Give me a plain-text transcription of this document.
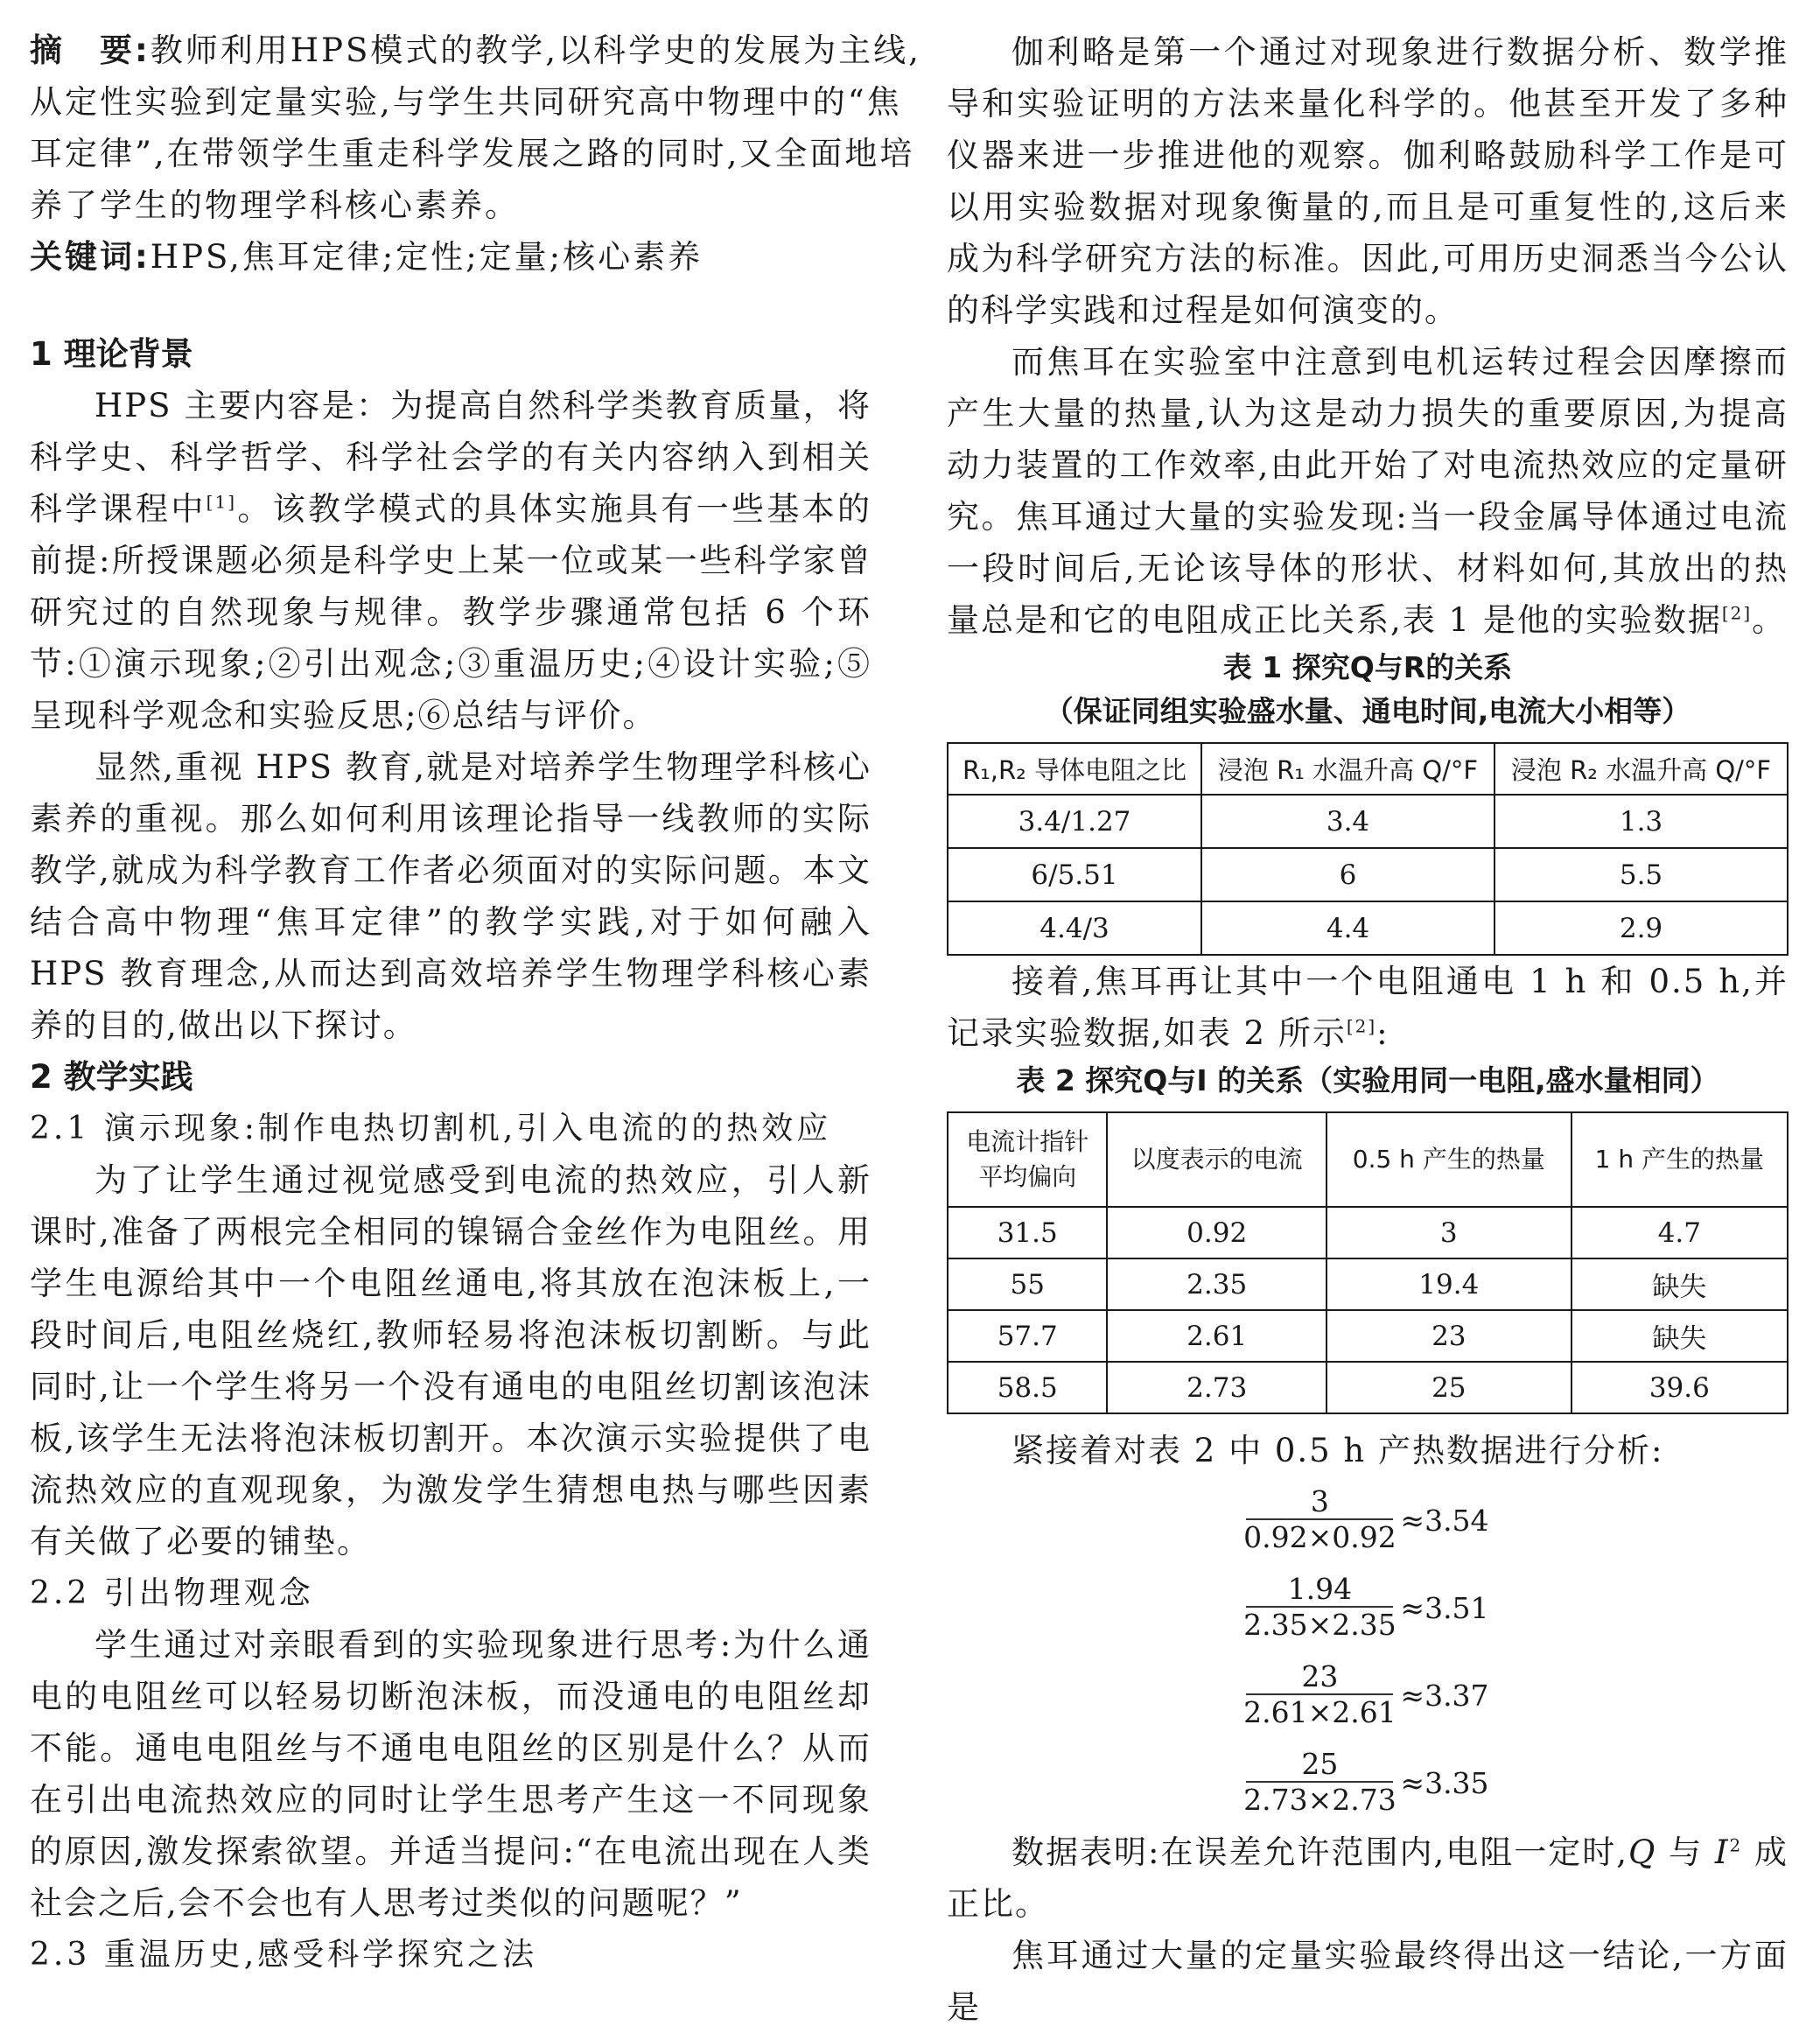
摘　要:教师利用HPS模式的教学,以科学史的发展为主线,
从定性实验到定量实验,与学生共同研究高中物理中的“焦
耳定律”,在带领学生重走科学发展之路的同时,又全面地培
养了学生的物理学科核心素养。
关键词:HPS,焦耳定律;定性;定量;核心素养
1 理论背景
HPS 主要内容是：为提高自然科学类教育质量，将科学史、科学哲学、科学社会学的有关内容纳入到相关科学课程中[1]。该教学模式的具体实施具有一些基本的前提:所授课题必须是科学史上某一位或某一些科学家曾研究过的自然现象与规律。教学步骤通常包括 6 个环节:①演示现象;②引出观念;③重温历史;④设计实验;⑤呈现科学观念和实验反思;⑥总结与评价。
显然,重视 HPS 教育,就是对培养学生物理学科核心素养的重视。那么如何利用该理论指导一线教师的实际教学,就成为科学教育工作者必须面对的实际问题。本文结合高中物理“焦耳定律”的教学实践,对于如何融入 HPS 教育理念,从而达到高效培养学生物理学科核心素养的目的,做出以下探讨。
2 教学实践
2.1 演示现象:制作电热切割机,引入电流的的热效应
为了让学生通过视觉感受到电流的热效应，引人新课时,准备了两根完全相同的镍镉合金丝作为电阻丝。用学生电源给其中一个电阻丝通电,将其放在泡沫板上,一段时间后,电阻丝烧红,教师轻易将泡沫板切割断。与此同时,让一个学生将另一个没有通电的电阻丝切割该泡沫板,该学生无法将泡沫板切割开。本次演示实验提供了电流热效应的直观现象，为激发学生猜想电热与哪些因素有关做了必要的铺垫。
2.2 引出物理观念
学生通过对亲眼看到的实验现象进行思考:为什么通电的电阻丝可以轻易切断泡沫板，而没通电的电阻丝却不能。通电电阻丝与不通电电阻丝的区别是什么？从而在引出电流热效应的同时让学生思考产生这一不同现象的原因,激发探索欲望。并适当提问:“在电流出现在人类社会之后,会不会也有人思考过类似的问题呢？”
2.3 重温历史,感受科学探究之法
伽利略是第一个通过对现象进行数据分析、数学推导和实验证明的方法来量化科学的。他甚至开发了多种仪器来进一步推进他的观察。伽利略鼓励科学工作是可以用实验数据对现象衡量的,而且是可重复性的,这后来成为科学研究方法的标准。因此,可用历史洞悉当今公认的科学实践和过程是如何演变的。
而焦耳在实验室中注意到电机运转过程会因摩擦而产生大量的热量,认为这是动力损失的重要原因,为提高动力装置的工作效率,由此开始了对电流热效应的定量研究。焦耳通过大量的实验发现:当一段金属导体通过电流一段时间后,无论该导体的形状、材料如何,其放出的热量总是和它的电阻成正比关系,表 1 是他的实验数据[2]。
表 1 探究Q与R的关系
（保证同组实验盛水量、通电时间,电流大小相等）
R₁,R₂ 导体电阻之比	浸泡 R₁ 水温升高 Q/°F	浸泡 R₂ 水温升高 Q/°F
3.4/1.27	3.4	1.3
6/5.51	6	5.5
4.4/3	4.4	2.9
接着,焦耳再让其中一个电阻通电 1 h 和 0.5 h,并记录实验数据,如表 2 所示[2]:
表 2 探究Q与I 的关系（实验用同一电阻,盛水量相同）
电流计指针
平均偏向	以度表示的电流	0.5 h 产生的热量	1 h 产生的热量
31.5	0.92	3	4.7
55	2.35	19.4	缺失
57.7	2.61	23	缺失
58.5	2.73	25	39.6
紧接着对表 2 中 0.5 h 产热数据进行分析:
$\frac{3}{0.92\times 0.92} \approx 3.54$
$\frac{1.94}{2.35\times 2.35} \approx 3.51$
$\frac{23}{2.61\times 2.61} \approx 3.37$
$\frac{25}{2.73\times 2.73} \approx 3.35$
数据表明:在误差允许范围内,电阻一定时,Q 与 $I^2$ 成正比。
焦耳通过大量的定量实验最终得出这一结论,一方面是
